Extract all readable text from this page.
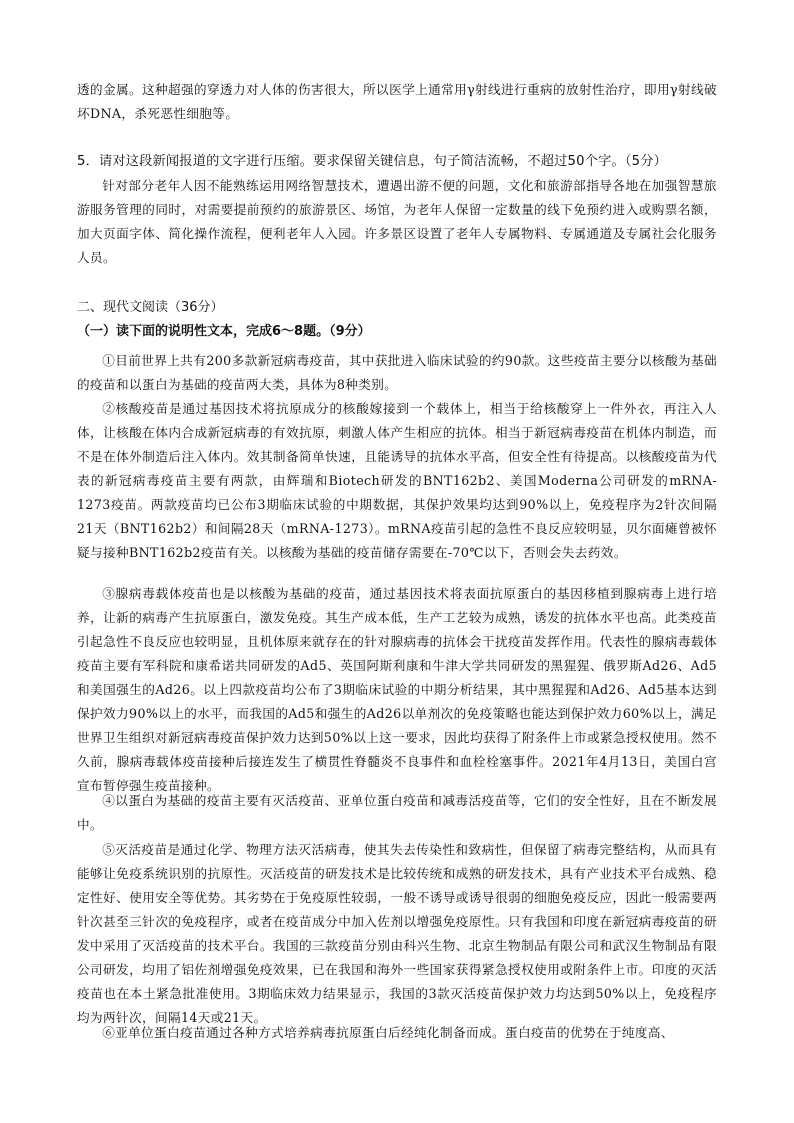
透的金属。这种超强的穿透力对人体的伤害很大，所以医学上通常用γ射线进行重病的放射性治疗，即用γ射线破坏DNA，杀死恶性细胞等。

5．请对这段新闻报道的文字进行压缩。要求保留关键信息，句子简洁流畅，不超过50个字。（5分）

针对部分老年人因不能熟练运用网络智慧技术，遭遇出游不便的问题，文化和旅游部指导各地在加强智慧旅游服务管理的同时，对需要提前预约的旅游景区、场馆，为老年人保留一定数量的线下免预约进入或购票名额，加大页面字体、简化操作流程，便利老年人入园。许多景区设置了老年人专属物料、专属通道及专属社会化服务人员。

二、现代文阅读（36分）

（一）读下面的说明性文本，完成6～8题。（9分）

①目前世界上共有200多款新冠病毒疫苗，其中获批进入临床试验的约90款。这些疫苗主要分以核酸为基础的疫苗和以蛋白为基础的疫苗两大类，具体为8种类别。

②核酸疫苗是通过基因技术将抗原成分的核酸嫁接到一个载体上，相当于给核酸穿上一件外衣，再注入人体，让核酸在体内合成新冠病毒的有效抗原，刺激人体产生相应的抗体。相当于新冠病毒疫苗在机体内制造，而不是在体外制造后注入体内。效其制备简单快速，且能诱导的抗体水平高，但安全性有待提高。以核酸疫苗为代表的新冠病毒疫苗主要有两款，由辉瑞和Biotech研发的BNT162b2、美国Moderna公司研发的mRNA-1273疫苗。两款疫苗均已公布3期临床试验的中期数据，其保护效果均达到90%以上，免疫程序为2针次间隔21天（BNT162b2）和间隔28天（mRNA-1273）。mRNA疫苗引起的急性不良反应较明显，贝尔面瘫曾被怀疑与接种BNT162b2疫苗有关。以核酸为基础的疫苗储存需要在-70℃以下，否则会失去药效。

③腺病毒载体疫苗也是以核酸为基础的疫苗，通过基因技术将表面抗原蛋白的基因移植到腺病毒上进行培养，让新的病毒产生抗原蛋白，激发免疫。其生产成本低，生产工艺较为成熟，诱发的抗体水平也高。此类疫苗引起急性不良反应也较明显，且机体原来就存在的针对腺病毒的抗体会干扰疫苗发挥作用。代表性的腺病毒载体疫苗主要有军科院和康希诺共同研发的Ad5、英国阿斯利康和牛津大学共同研发的黑猩猩、俄罗斯Ad26、Ad5和美国强生的Ad26。以上四款疫苗均公布了3期临床试验的中期分析结果，其中黑猩猩和Ad26、Ad5基本达到保护效力90%以上的水平，而我国的Ad5和强生的Ad26以单剂次的免疫策略也能达到保护效力60%以上，满足世界卫生组织对新冠病毒疫苗保护效力达到50%以上这一要求，因此均获得了附条件上市或紧急授权使用。然不久前，腺病毒载体疫苗接种后接连发生了横贯性脊髓炎不良事件和血栓栓塞事件。2021年4月13日，美国白宫宣布暂停强生疫苗接种。

④以蛋白为基础的疫苗主要有灭活疫苗、亚单位蛋白疫苗和减毒活疫苗等，它们的安全性好，且在不断发展中。

⑤灭活疫苗是通过化学、物理方法灭活病毒，使其失去传染性和致病性，但保留了病毒完整结构，从而具有能够让免疫系统识别的抗原性。灭活疫苗的研发技术是比较传统和成熟的研发技术，具有产业技术平台成熟、稳定性好、使用安全等优势。其劣势在于免疫原性较弱，一般不诱导或诱导很弱的细胞免疫反应，因此一般需要两针次甚至三针次的免疫程序，或者在疫苗成分中加入佐剂以增强免疫原性。只有我国和印度在新冠病毒疫苗的研发中采用了灭活疫苗的技术平台。我国的三款疫苗分别由科兴生物、北京生物制品有限公司和武汉生物制品有限公司研发，均用了铝佐剂增强免疫效果，已在我国和海外一些国家获得紧急授权使用或附条件上市。印度的灭活疫苗也在本土紧急批准使用。3期临床效力结果显示，我国的3款灭活疫苗保护效力均达到50%以上，免疫程序均为两针次，间隔14天或21天。

⑥亚单位蛋白疫苗通过各种方式培养病毒抗原蛋白后经纯化制备而成。蛋白疫苗的优势在于纯度高、
